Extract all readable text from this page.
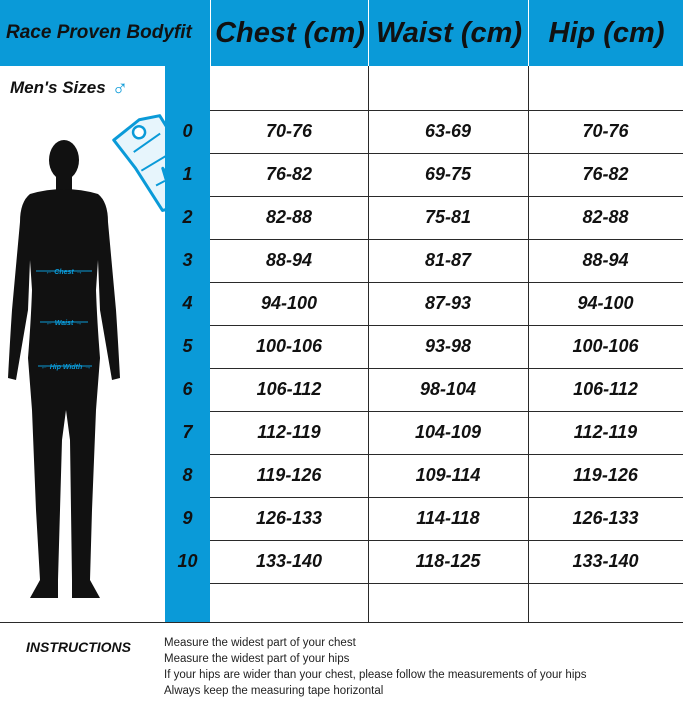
Race Proven Bodyfit Chest (cm) Waist (cm) Hip (cm)
Men's Sizes ♂
0	70-76	63-69	70-76
1	76-82	69-75	76-82
2	82-88	75-81	82-88
3	88-94	81-87	88-94
4	94-100	87-93	94-100
5	100-106	93-98	100-106
6	106-112	98-104	106-112
7	112-119	104-109	112-119
8	119-126	109-114	119-126
9	126-133	114-118	126-133
10	133-140	118-125	133-140
← Chest →
← Waist →
← Hip Width →
INSTRUCTIONS	Measure the widest part of your chest
Measure the widest part of your hips
If your hips are wider than your chest, please follow the measurements of your hips
Always keep the measuring tape horizontal
